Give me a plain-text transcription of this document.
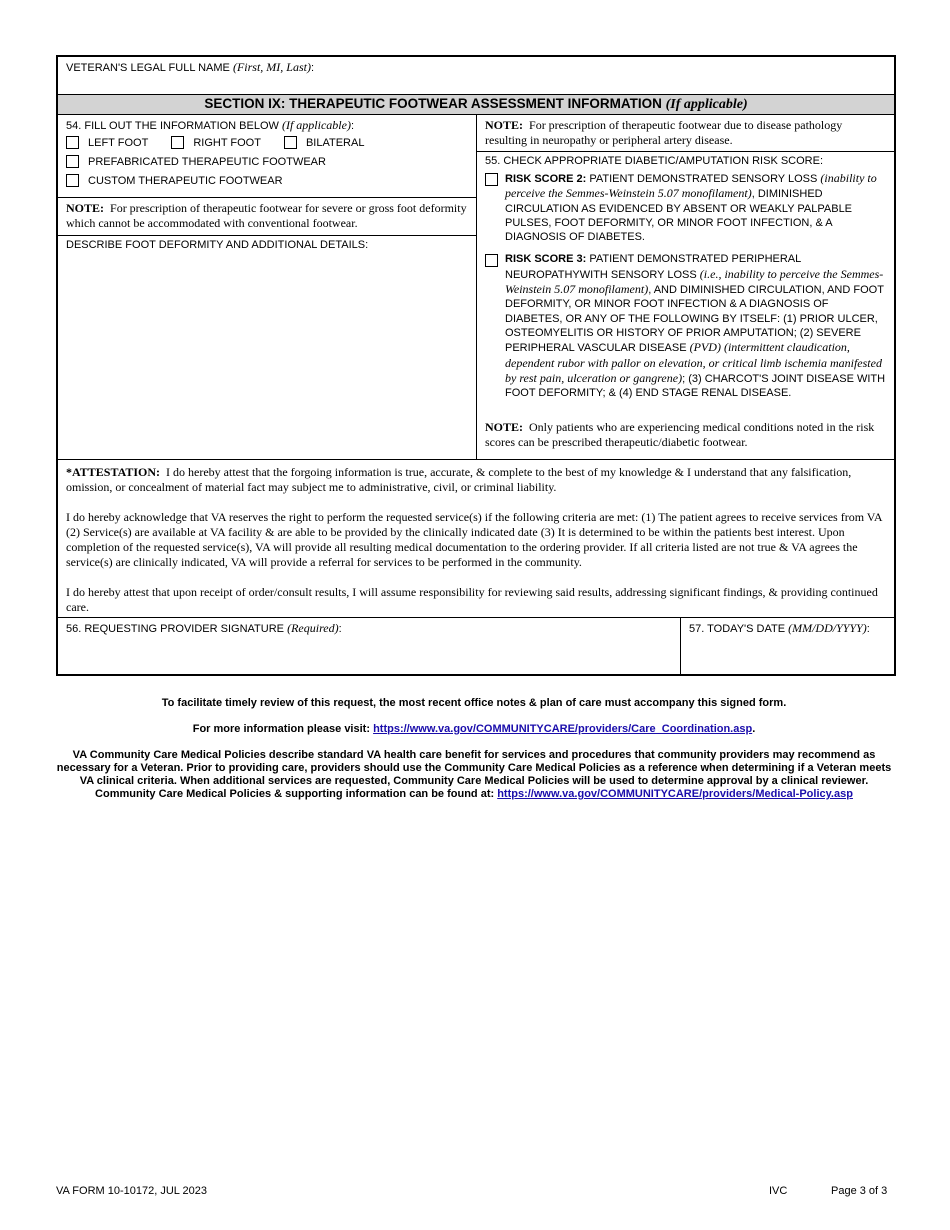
VETERAN'S LEGAL FULL NAME (First, MI, Last):
SECTION IX: THERAPEUTIC FOOTWEAR ASSESSMENT INFORMATION (If applicable)
54. FILL OUT THE INFORMATION BELOW (If applicable):
LEFT FOOT	RIGHT FOOT	BILATERAL
PREFABRICATED THERAPEUTIC FOOTWEAR
CUSTOM THERAPEUTIC FOOTWEAR
NOTE: For prescription of therapeutic footwear for severe or gross foot deformity which cannot be accommodated with conventional footwear.
DESCRIBE FOOT DEFORMITY AND ADDITIONAL DETAILS:
NOTE: For prescription of therapeutic footwear due to disease pathology resulting in neuropathy or peripheral artery disease.
55. CHECK APPROPRIATE DIABETIC/AMPUTATION RISK SCORE:
RISK SCORE 2: PATIENT DEMONSTRATED SENSORY LOSS (inability to perceive the Semmes-Weinstein 5.07 monofilament), DIMINISHED CIRCULATION AS EVIDENCED BY ABSENT OR WEAKLY PALPABLE PULSES, FOOT DEFORMITY, OR MINOR FOOT INFECTION, & A DIAGNOSIS OF DIABETES.
RISK SCORE 3: PATIENT DEMONSTRATED PERIPHERAL NEUROPATHYWITH SENSORY LOSS (i.e., inability to perceive the Semmes-Weinstein 5.07 monofilament), AND DIMINISHED CIRCULATION, AND FOOT DEFORMITY, OR MINOR FOOT INFECTION & A DIAGNOSIS OF DIABETES, OR ANY OF THE FOLLOWING BY ITSELF: (1) PRIOR ULCER, OSTEOMYELITIS OR HISTORY OF PRIOR AMPUTATION; (2) SEVERE PERIPHERAL VASCULAR DISEASE (PVD) (intermittent claudication, dependent rubor with pallor on elevation, or critical limb ischemia manifested by rest pain, ulceration or gangrene); (3) CHARCOT'S JOINT DISEASE WITH FOOT DEFORMITY; & (4) END STAGE RENAL DISEASE.
NOTE: Only patients who are experiencing medical conditions noted in the risk scores can be prescribed therapeutic/diabetic footwear.

*ATTESTATION: I do hereby attest that the forgoing information is true, accurate, & complete to the best of my knowledge & I understand that any falsification, omission, or concealment of material fact may subject me to administrative, civil, or criminal liability.

I do hereby acknowledge that VA reserves the right to perform the requested service(s) if the following criteria are met: (1) The patient agrees to receive services from VA (2) Service(s) are available at VA facility & are able to be provided by the clinically indicated date (3) It is determined to be within the patients best interest. Upon completion of the requested service(s), VA will provide all resulting medical documentation to the ordering provider. If all criteria listed are not true & VA agrees the service(s) are clinically indicated, VA will provide a referral for services to be performed in the community.

I do hereby attest that upon receipt of order/consult results, I will assume responsibility for reviewing said results, addressing significant findings, & providing continued care.

56. REQUESTING PROVIDER SIGNATURE (Required):	57. TODAY'S DATE (MM/DD/YYYY):

To facilitate timely review of this request, the most recent office notes & plan of care must accompany this signed form.

For more information please visit: https://www.va.gov/COMMUNITYCARE/providers/Care_Coordination.asp.

VA Community Care Medical Policies describe standard VA health care benefit for services and procedures that community providers may recommend as necessary for a Veteran. Prior to providing care, providers should use the Community Care Medical Policies as a reference when determining if a Veteran meets VA clinical criteria. When additional services are requested, Community Care Medical Policies will be used to determine approval by a clinical reviewer.

Community Care Medical Policies & supporting information can be found at: https://www.va.gov/COMMUNITYCARE/providers/Medical-Policy.asp

VA FORM 10-10172, JUL 2023	IVC	Page 3 of 3
